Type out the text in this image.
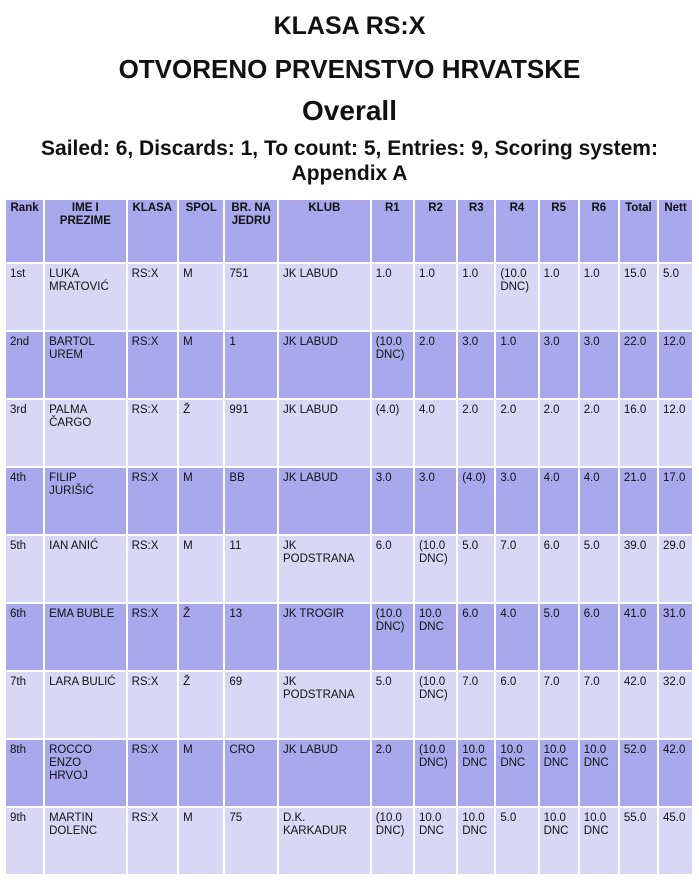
KLASA RS:X
OTVORENO PRVENSTVO HRVATSKE
Overall
Sailed: 6, Discards: 1, To count: 5, Entries: 9, Scoring system: Appendix A
Rank	IME I PREZIME	KLASA	SPOL	BR. NA JEDRU	KLUB	R1	R2	R3	R4	R5	R6	Total	Nett
1st	LUKA MRATOVIĆ	RS:X	M	751	JK LABUD	1.0	1.0	1.0	(10.0 DNC)	1.0	1.0	15.0	5.0
2nd	BARTOL UREM	RS:X	M	1	JK LABUD	(10.0 DNC)	2.0	3.0	1.0	3.0	3.0	22.0	12.0
3rd	PALMA ČARGO	RS:X	Ž	991	JK LABUD	(4.0)	4.0	2.0	2.0	2.0	2.0	16.0	12.0
4th	FILIP JURIŠIĆ	RS:X	M	BB	JK LABUD	3.0	3.0	(4.0)	3.0	4.0	4.0	21.0	17.0
5th	IAN ANIĆ	RS:X	M	11	JK PODSTRANA	6.0	(10.0 DNC)	5.0	7.0	6.0	5.0	39.0	29.0
6th	EMA BUBLE	RS:X	Ž	13	JK TROGIR	(10.0 DNC)	10.0 DNC	6.0	4.0	5.0	6.0	41.0	31.0
7th	LARA BULIĆ	RS:X	Ž	69	JK PODSTRANA	5.0	(10.0 DNC)	7.0	6.0	7.0	7.0	42.0	32.0
8th	ROCCO ENZO HRVOJ	RS:X	M	CRO	JK LABUD	2.0	(10.0 DNC)	10.0 DNC	10.0 DNC	10.0 DNC	10.0 DNC	52.0	42.0
9th	MARTIN DOLENC	RS:X	M	75	D.K. KARKADUR	(10.0 DNC)	10.0 DNC	10.0 DNC	5.0	10.0 DNC	10.0 DNC	55.0	45.0
